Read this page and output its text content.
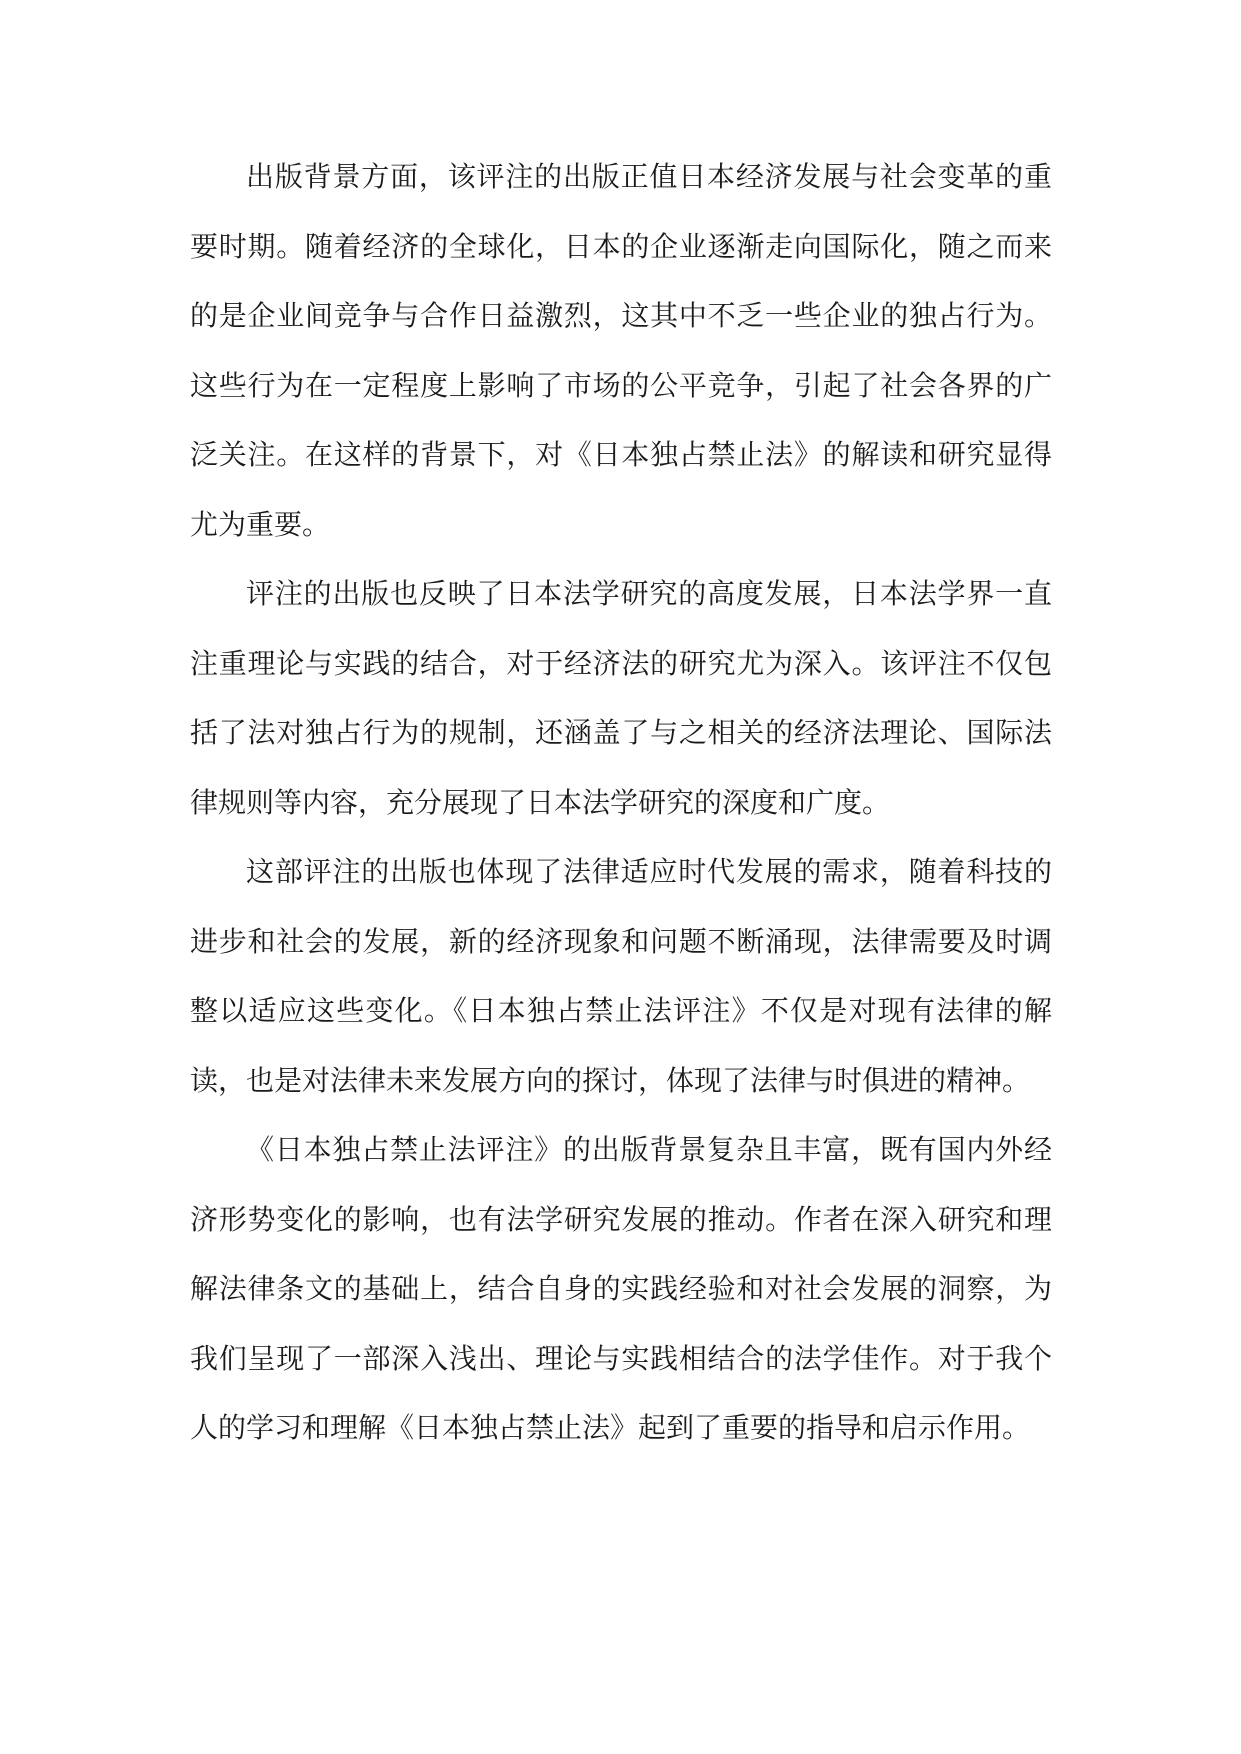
出版背景方面，该评注的出版正值日本经济发展与社会变革的重要时期。随着经济的全球化，日本的企业逐渐走向国际化，随之而来的是企业间竞争与合作日益激烈，这其中不乏一些企业的独占行为。这些行为在一定程度上影响了市场的公平竞争，引起了社会各界的广泛关注。在这样的背景下，对《日本独占禁止法》的解读和研究显得尤为重要。

评注的出版也反映了日本法学研究的高度发展，日本法学界一直注重理论与实践的结合，对于经济法的研究尤为深入。该评注不仅包括了法对独占行为的规制，还涵盖了与之相关的经济法理论、国际法律规则等内容，充分展现了日本法学研究的深度和广度。

这部评注的出版也体现了法律适应时代发展的需求，随着科技的进步和社会的发展，新的经济现象和问题不断涌现，法律需要及时调整以适应这些变化。《日本独占禁止法评注》不仅是对现有法律的解读，也是对法律未来发展方向的探讨，体现了法律与时俱进的精神。

《日本独占禁止法评注》的出版背景复杂且丰富，既有国内外经济形势变化的影响，也有法学研究发展的推动。作者在深入研究和理解法律条文的基础上，结合自身的实践经验和对社会发展的洞察，为我们呈现了一部深入浅出、理论与实践相结合的法学佳作。对于我个人的学习和理解《日本独占禁止法》起到了重要的指导和启示作用。
